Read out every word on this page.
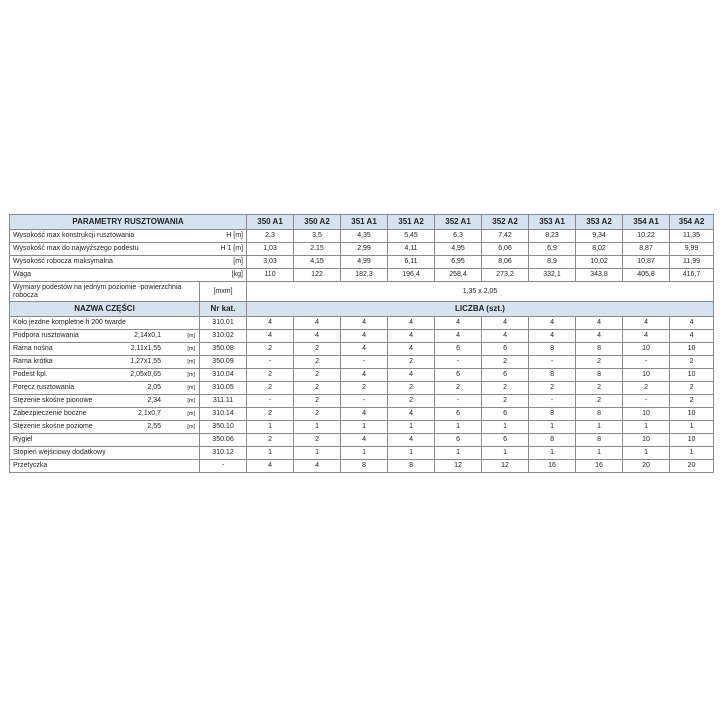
PARAMETRY RUSZTOWANIA		350 A1	350 A2	351 A1	351 A2	352 A1	352 A2	353 A1	353 A2	354 A1	354 A2

Wysokość max konstrukcji rusztowania H [m]		2,3	3,5	4,35	5,45	6,3	7,42	8,23	9,34	10,22	11,35

Wysokość max do najwyższego podestu H 1 [m]		1,03	2,15	2,99	4,11	4,95	6,06	6,9	8,02	8,87	9,99

Wysokość robocza maksymalna [m]		3,03	4,15	4,99	6,11	6,95	8,06	8,9	10,02	10,87	11,99

Waga [kg]		110	122	182,3	196,4	258,4	273,2	332,1	343,8	405,8	416,7
Wymiary podestów na jednym poziomie -powierzchnia robocza	[mxm]	1,35 x 2,05									
NAZWA CZĘŚCI	Nr kat.	LICZBA (szt.)									

Koło jezdne kompletne fi 200 twarde	310.01	4	4	4	4	4	4	4	4	4	4

Podpora rusztowania 2,14x0,1 [m]	310.02	4	4	4	4	4	4	4	4	4	4

Rama nośna 2,11x1,55 [m]	350.08	2	2	4	4	6	6	8	8	10	10

Rama krótka 1,27x1,55 [m]	350.09	-	2	-	2	-	2	-	2	-	2

Podest kpl. 2,05x0,65 [m]	310.04	2	2	4	4	6	6	8	8	10	10

Poręcz rusztowania 2,05 [m]	310.05	2	2	2	2	2	2	2	2	2	2

Stężenie skośne pionowe 2,34 [m]	311.11	-	2	-	2	-	2	-	2	-	2

Zabezpieczenie boczne 2,1x0,7 [m]	310.14	2	2	4	4	6	6	8	8	10	10

Stężenie skośne poziome 2,55 [m]	350.10	1	1	1	1	1	1	1	1	1	1

Rygiel	350.06	2	2	4	4	6	6	8	8	10	10

Stopień wejściowy dodatkowy	310.12	1	1	1	1	1	1	1	1	1	1

Przetyczka	-	4	4	8	8	12	12	16	16	20	20
